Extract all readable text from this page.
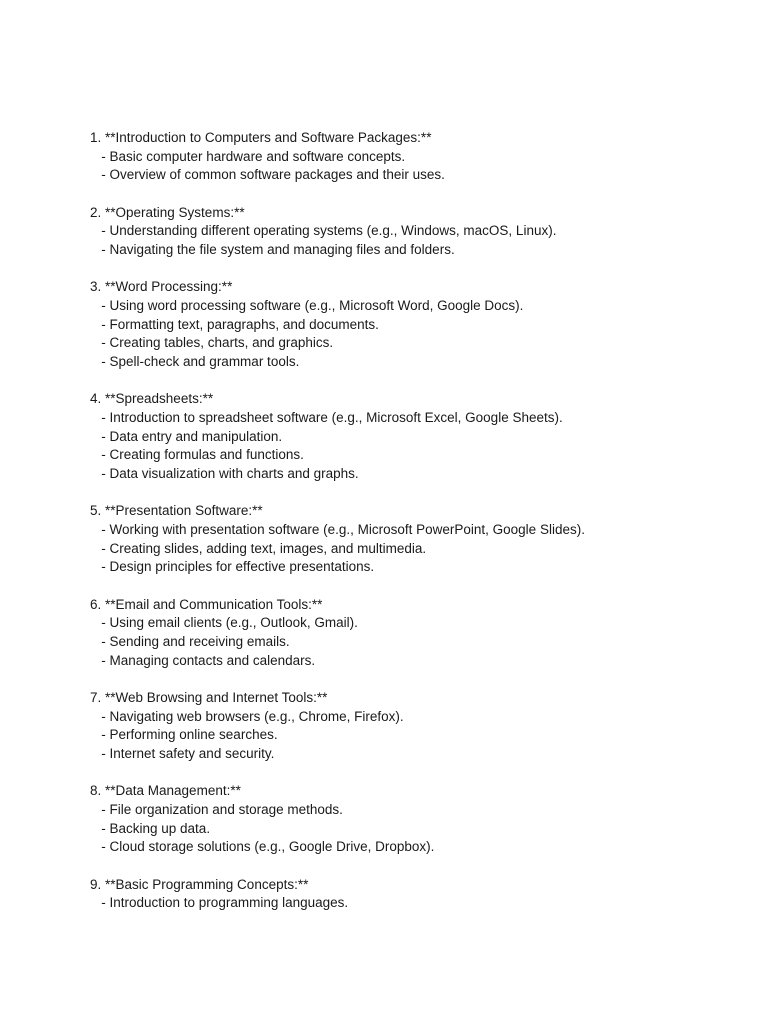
1. **Introduction to Computers and Software Packages:**
- Basic computer hardware and software concepts.
- Overview of common software packages and their uses.
2. **Operating Systems:**
- Understanding different operating systems (e.g., Windows, macOS, Linux).
- Navigating the file system and managing files and folders.
3. **Word Processing:**
- Using word processing software (e.g., Microsoft Word, Google Docs).
- Formatting text, paragraphs, and documents.
- Creating tables, charts, and graphics.
- Spell-check and grammar tools.
4. **Spreadsheets:**
- Introduction to spreadsheet software (e.g., Microsoft Excel, Google Sheets).
- Data entry and manipulation.
- Creating formulas and functions.
- Data visualization with charts and graphs.
5. **Presentation Software:**
- Working with presentation software (e.g., Microsoft PowerPoint, Google Slides).
- Creating slides, adding text, images, and multimedia.
- Design principles for effective presentations.
6. **Email and Communication Tools:**
- Using email clients (e.g., Outlook, Gmail).
- Sending and receiving emails.
- Managing contacts and calendars.
7. **Web Browsing and Internet Tools:**
- Navigating web browsers (e.g., Chrome, Firefox).
- Performing online searches.
- Internet safety and security.
8. **Data Management:**
- File organization and storage methods.
- Backing up data.
- Cloud storage solutions (e.g., Google Drive, Dropbox).
9. **Basic Programming Concepts:**
- Introduction to programming languages.
